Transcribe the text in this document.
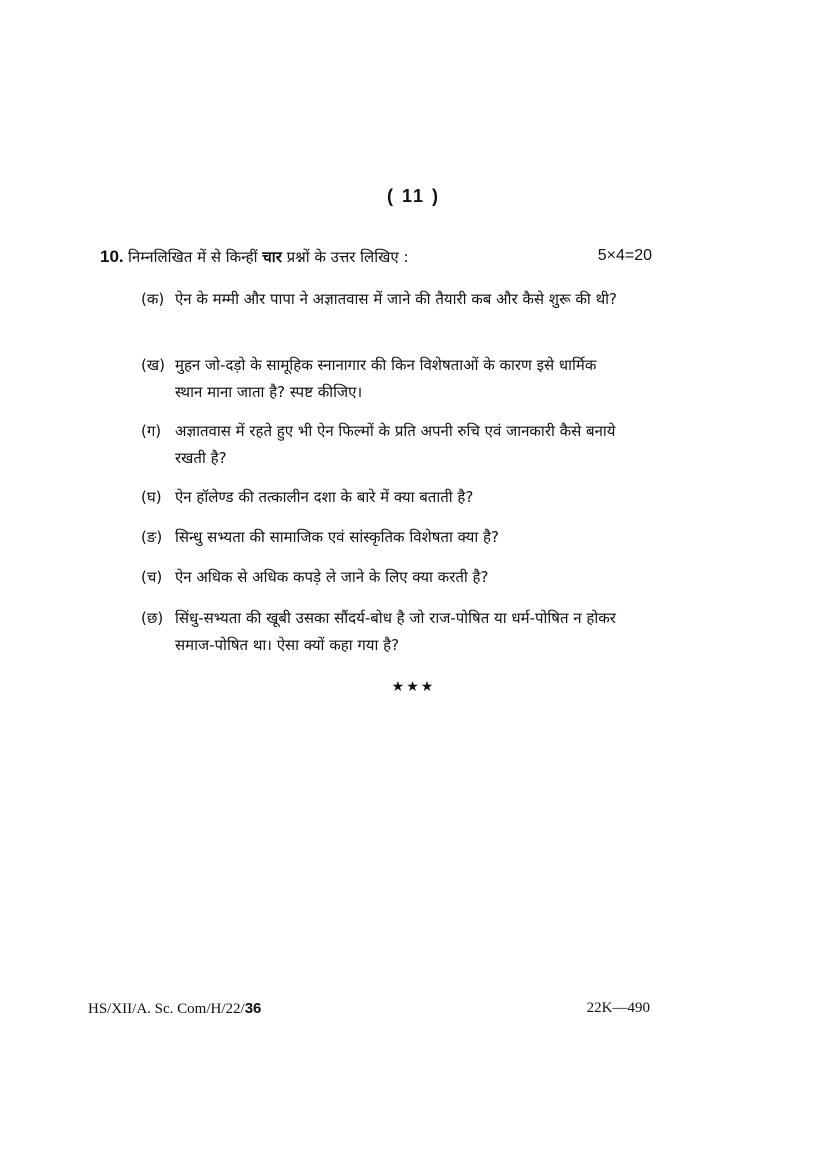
( 11 )
10. निम्नलिखित में से किन्हीं चार प्रश्नों के उत्तर लिखिए :	5×4=20
(क) ऐन के मम्मी और पापा ने अज्ञातवास में जाने की तैयारी कब और कैसे शुरू की थी?
(ख) मुहन जो-दड़ो के सामूहिक स्नानागार की किन विशेषताओं के कारण इसे धार्मिक स्थान माना जाता है? स्पष्ट कीजिए।
(ग) अज्ञातवास में रहते हुए भी ऐन फिल्मों के प्रति अपनी रुचि एवं जानकारी कैसे बनाये रखती है?
(घ) ऐन हॉलेण्ड की तत्कालीन दशा के बारे में क्या बताती है?
(ङ) सिन्धु सभ्यता की सामाजिक एवं सांस्कृतिक विशेषता क्या है?
(च) ऐन अधिक से अधिक कपड़े ले जाने के लिए क्या करती है?
(छ) सिंधु-सभ्यता की खूबी उसका सौंदर्य-बोध है जो राज-पोषित या धर्म-पोषित न होकर समाज-पोषित था। ऐसा क्यों कहा गया है?
★★★
HS/XII/A. Sc. Com/H/22/36	22K—490
